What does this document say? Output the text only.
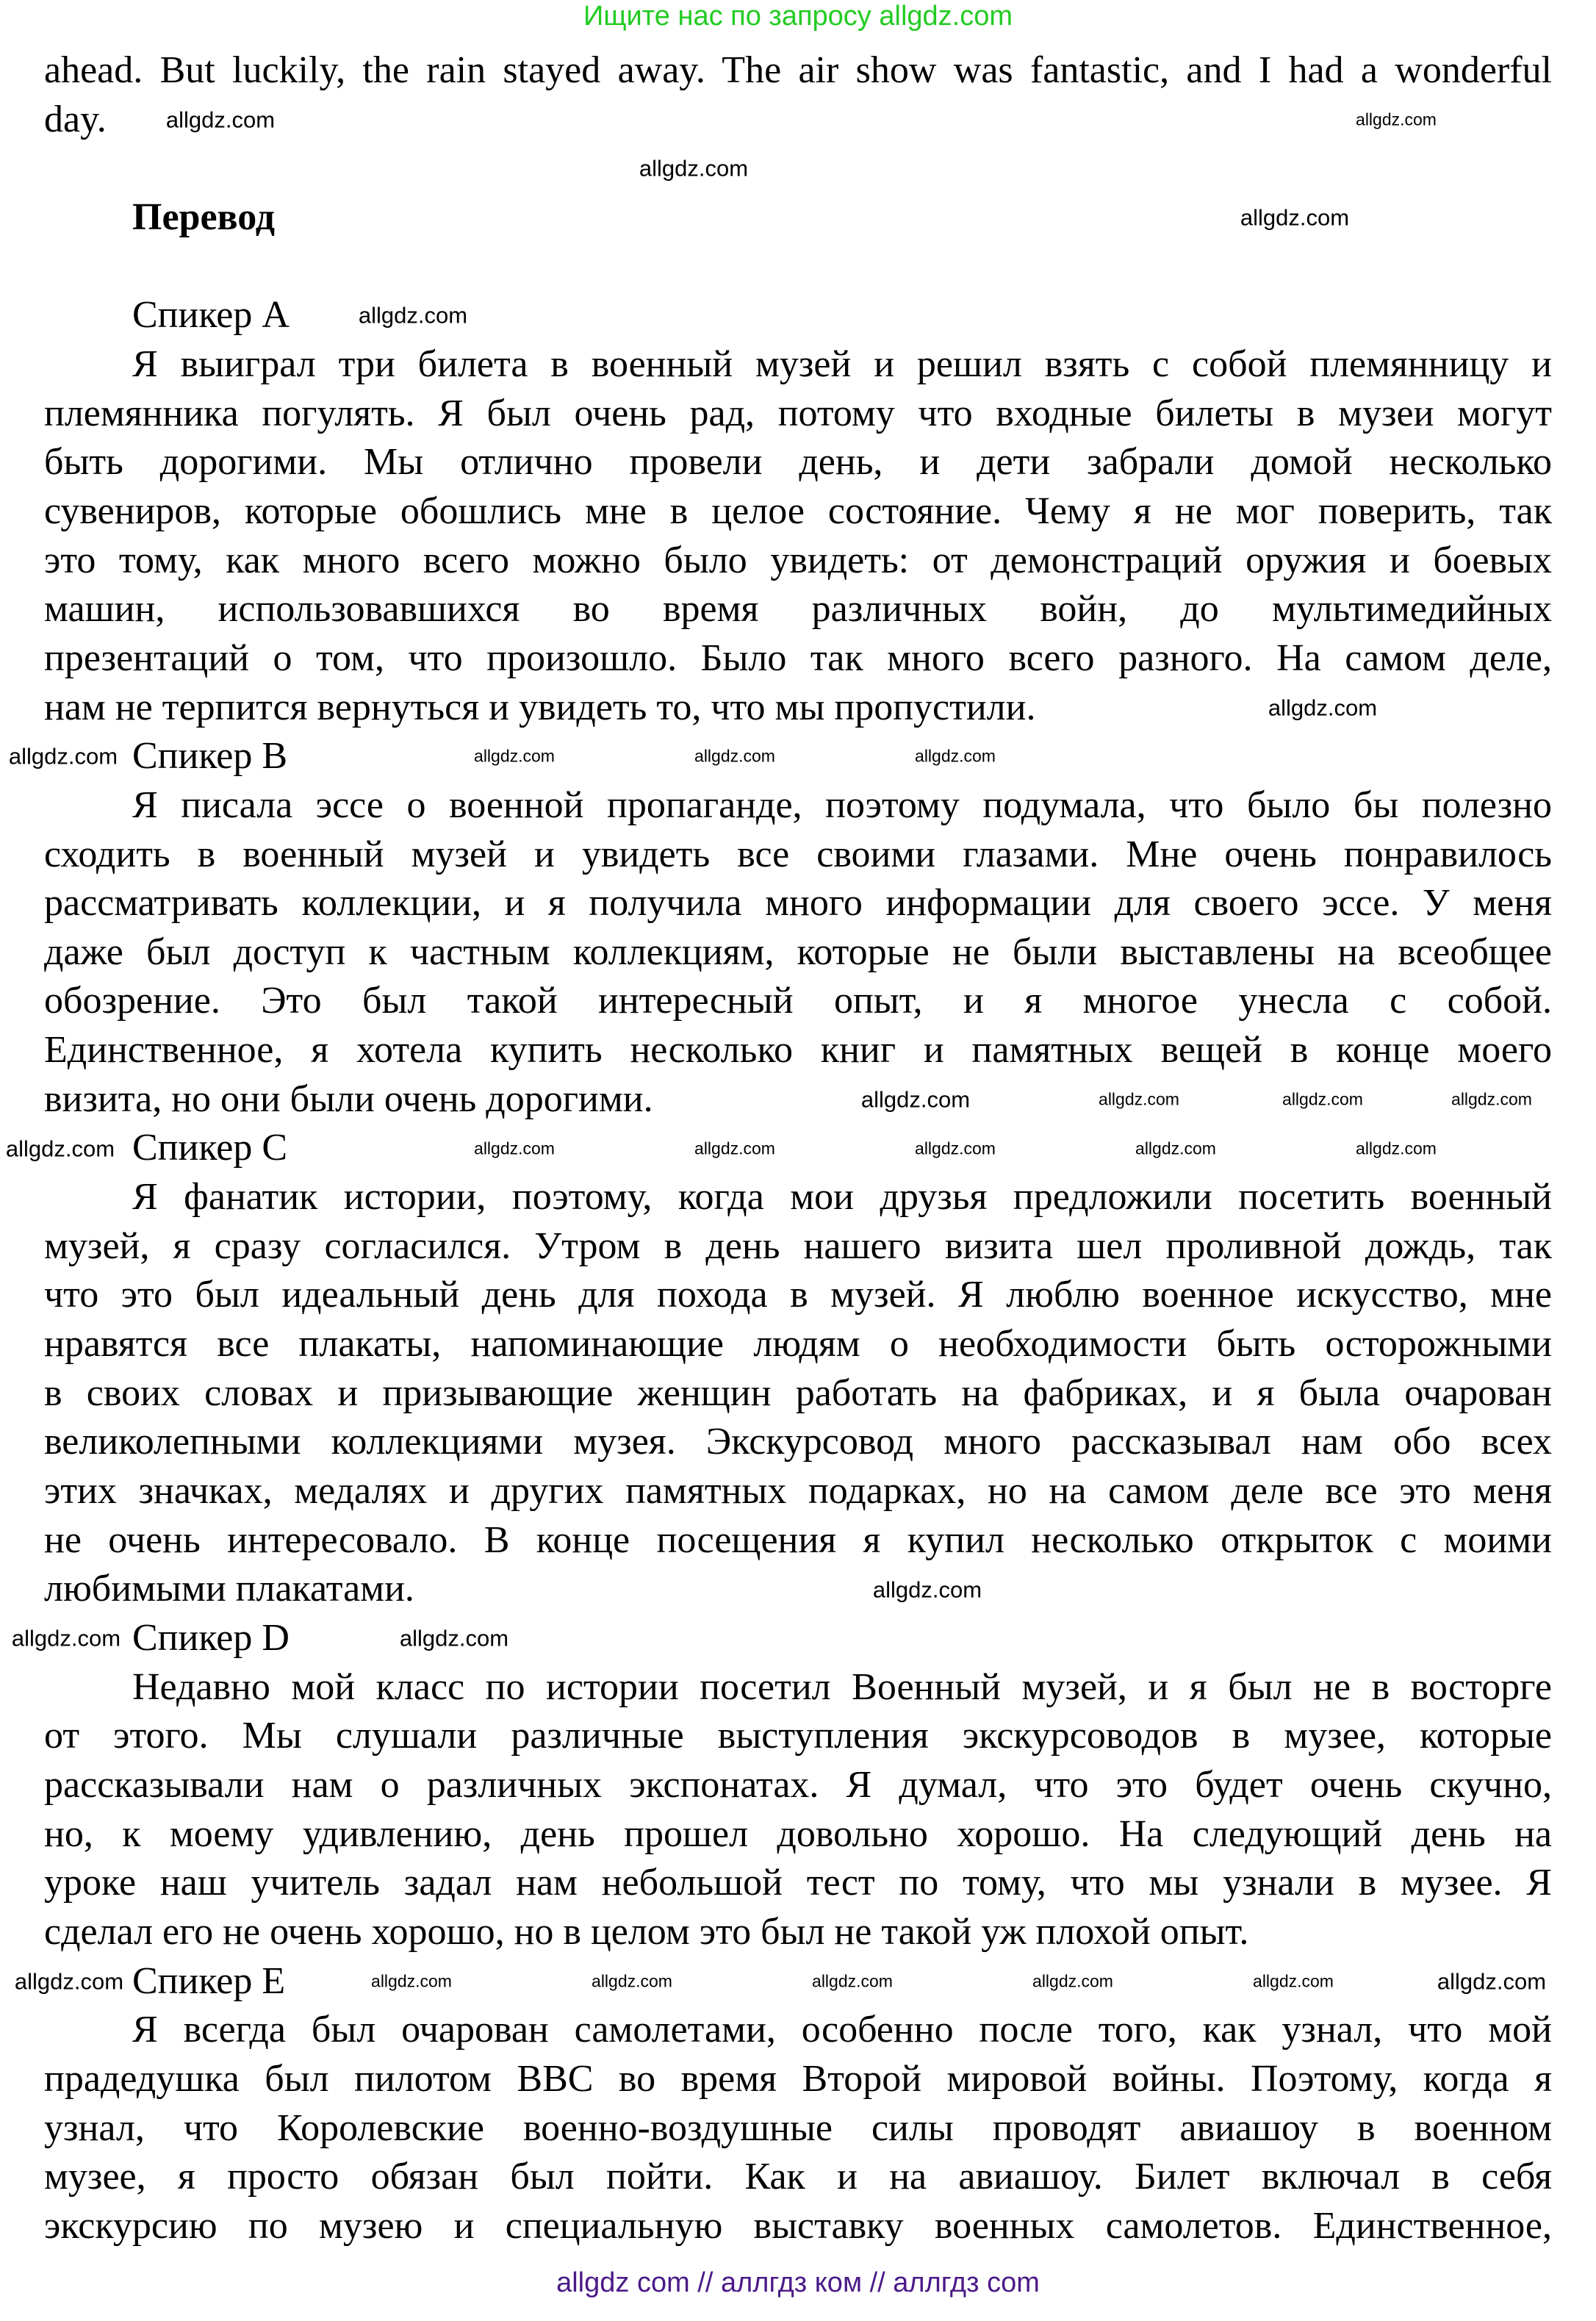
Ищите нас по запросу allgdz.com
ahead. But luckily, the rain stayed away. The air show was fantastic, and I had a wonderful
day.
Перевод
Спикер A
Я выиграл три билета в военный музей и решил взять с собой племянницу и
племянника погулять. Я был очень рад, потому что входные билеты в музеи могут
быть дорогими. Мы отлично провели день, и дети забрали домой несколько
сувениров, которые обошлись мне в целое состояние. Чему я не мог поверить, так
это тому, как много всего можно было увидеть: от демонстраций оружия и боевых
машин, использовавшихся во время различных войн, до мультимедийных
презентаций о том, что произошло. Было так много всего разного. На самом деле,
нам не терпится вернуться и увидеть то, что мы пропустили.
Спикер B
Я писала эссе о военной пропаганде, поэтому подумала, что было бы полезно
сходить в военный музей и увидеть все своими глазами. Мне очень понравилось
рассматривать коллекции, и я получила много информации для своего эссе. У меня
даже был доступ к частным коллекциям, которые не были выставлены на всеобщее
обозрение. Это был такой интересный опыт, и я многое унесла с собой.
Единственное, я хотела купить несколько книг и памятных вещей в конце моего
визита, но они были очень дорогими.
Спикер C
Я фанатик истории, поэтому, когда мои друзья предложили посетить военный
музей, я сразу согласился. Утром в день нашего визита шел проливной дождь, так
что это был идеальный день для похода в музей. Я люблю военное искусство, мне
нравятся все плакаты, напоминающие людям о необходимости быть осторожными
в своих словах и призывающие женщин работать на фабриках, и я была очарован
великолепными коллекциями музея. Экскурсовод много рассказывал нам обо всех
этих значках, медалях и других памятных подарках, но на самом деле все это меня
не очень интересовало. В конце посещения я купил несколько открыток с моими
любимыми плакатами.
Спикер D
Недавно мой класс по истории посетил Военный музей, и я был не в восторге
от этого. Мы слушали различные выступления экскурсоводов в музее, которые
рассказывали нам о различных экспонатах. Я думал, что это будет очень скучно,
но, к моему удивлению, день прошел довольно хорошо. На следующий день на
уроке наш учитель задал нам небольшой тест по тому, что мы узнали в музее. Я
сделал его не очень хорошо, но в целом это был не такой уж плохой опыт.
Спикер E
Я всегда был очарован самолетами, особенно после того, как узнал, что мой
прадедушка был пилотом ВВС во время Второй мировой войны. Поэтому, когда я
узнал, что Королевские военно-воздушные силы проводят авиашоу в военном
музее, я просто обязан был пойти. Как и на авиашоу. Билет включал в себя
экскурсию по музею и специальную выставку военных самолетов. Единственное,
allgdz.com
allgdz.com
allgdz.com
allgdz.com
allgdz.com
allgdz.com
allgdz.com	allgdz.com	allgdz.com	allgdz.com
allgdz.com	allgdz.com	allgdz.com	allgdz.com
allgdz.com	allgdz.com	allgdz.com	allgdz.com	allgdz.com	allgdz.com
allgdz.com
allgdz.com	allgdz.com
allgdz.com	allgdz.com	allgdz.com	allgdz.com	allgdz.com	allgdz.com
allgdz.com
allgdz com // аллгдз ком // аллгдз com
